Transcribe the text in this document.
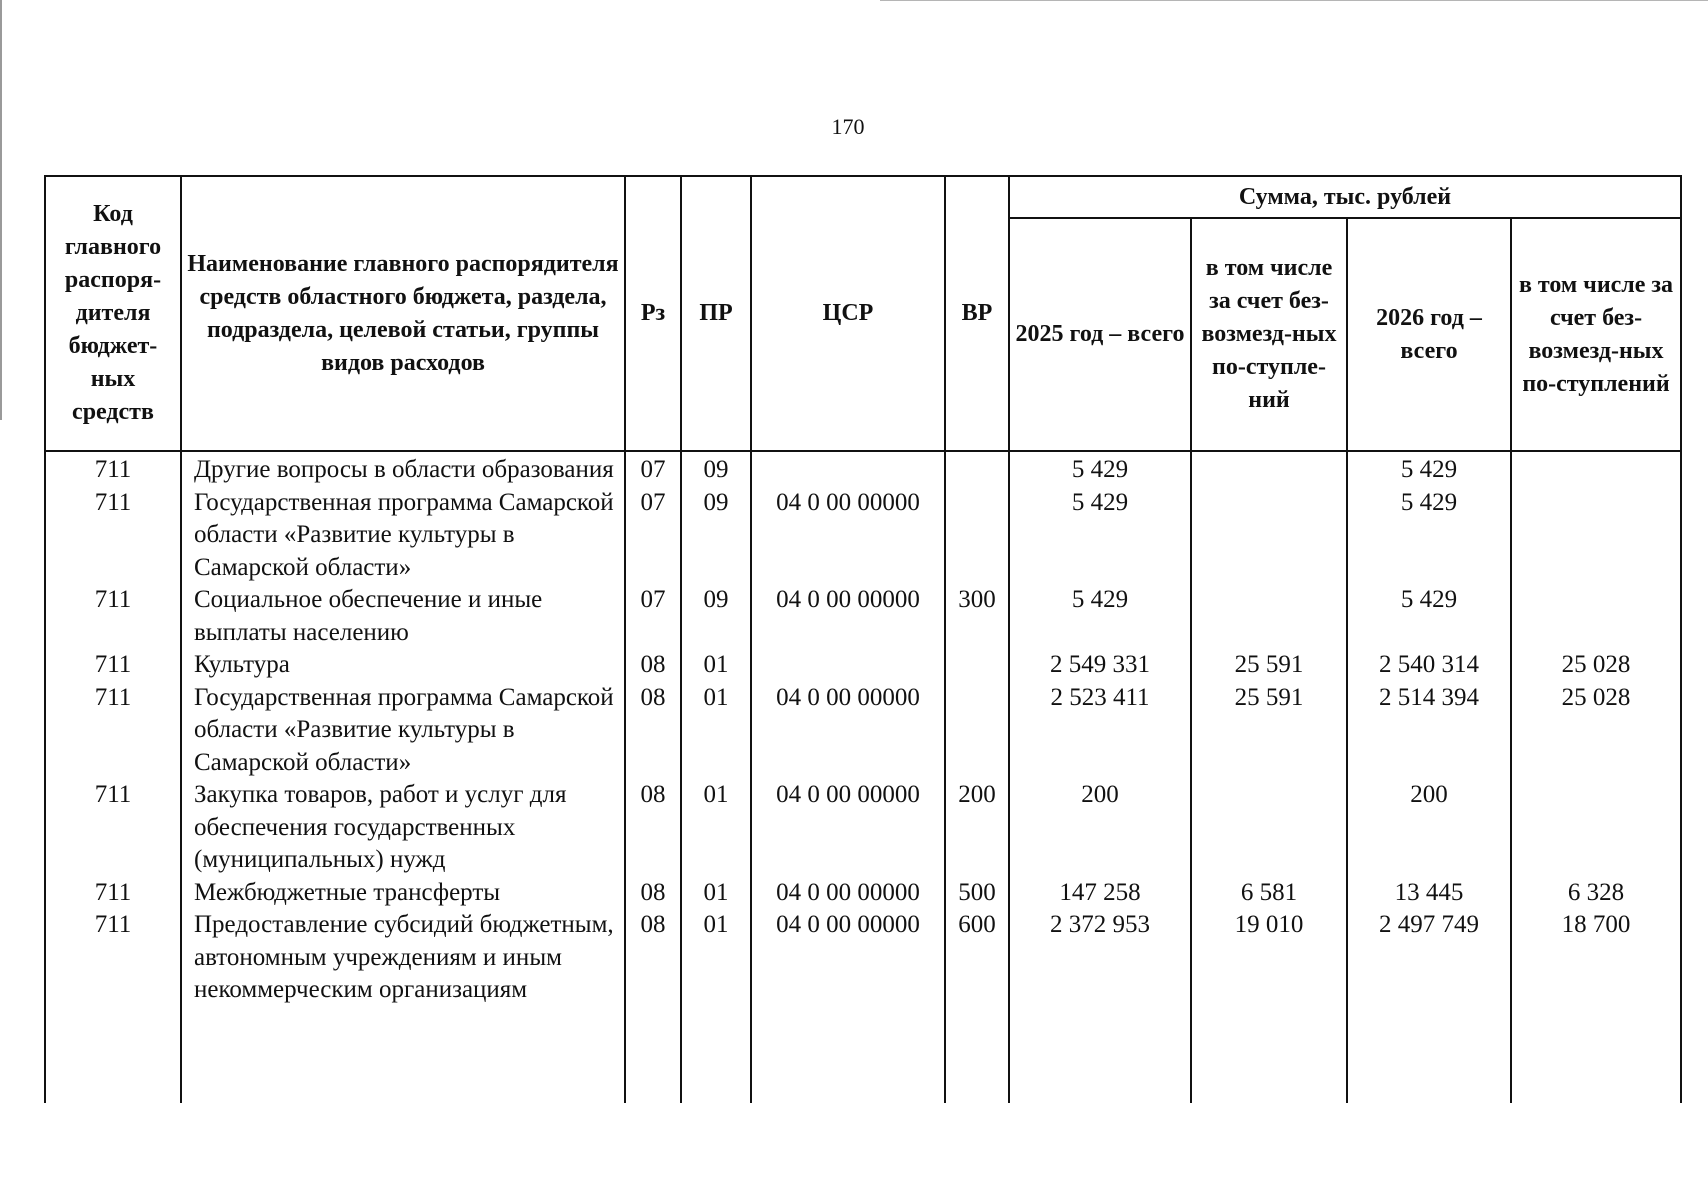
170
Код главного распоря-дителя бюджет-ных средств	Наименование главного распорядителя средств областного бюджета, раздела, подраздела, целевой статьи, группы видов расходов	Рз	ПР	ЦСР	ВР	Сумма, тыс. рублей			
						2025 год – всего	в том числе за счет без-возмезд-ных по-ступле-ний	2026 год – всего	в том числе за счет без-возмезд-ных по-ступлений
711	Другие вопросы в области образования	07	09			5 429		5 429	
711	Государственная программа Самарской области «Развитие культуры в Самарской области»	07	09	04 0 00 00000		5 429		5 429	
711	Социальное обеспечение и иные выплаты населению	07	09	04 0 00 00000	300	5 429		5 429	
711	Культура	08	01			2 549 331	25 591	2 540 314	25 028
711	Государственная программа Самарской области «Развитие культуры в Самарской области»	08	01	04 0 00 00000		2 523 411	25 591	2 514 394	25 028
711	Закупка товаров, работ и услуг для обеспечения государственных (муниципальных) нужд	08	01	04 0 00 00000	200	200		200	
711	Межбюджетные трансферты	08	01	04 0 00 00000	500	147 258	6 581	13 445	6 328
711	Предоставление субсидий бюджетным, автономным учреждениям и иным некоммерческим организациям	08	01	04 0 00 00000	600	2 372 953	19 010	2 497 749	18 700
